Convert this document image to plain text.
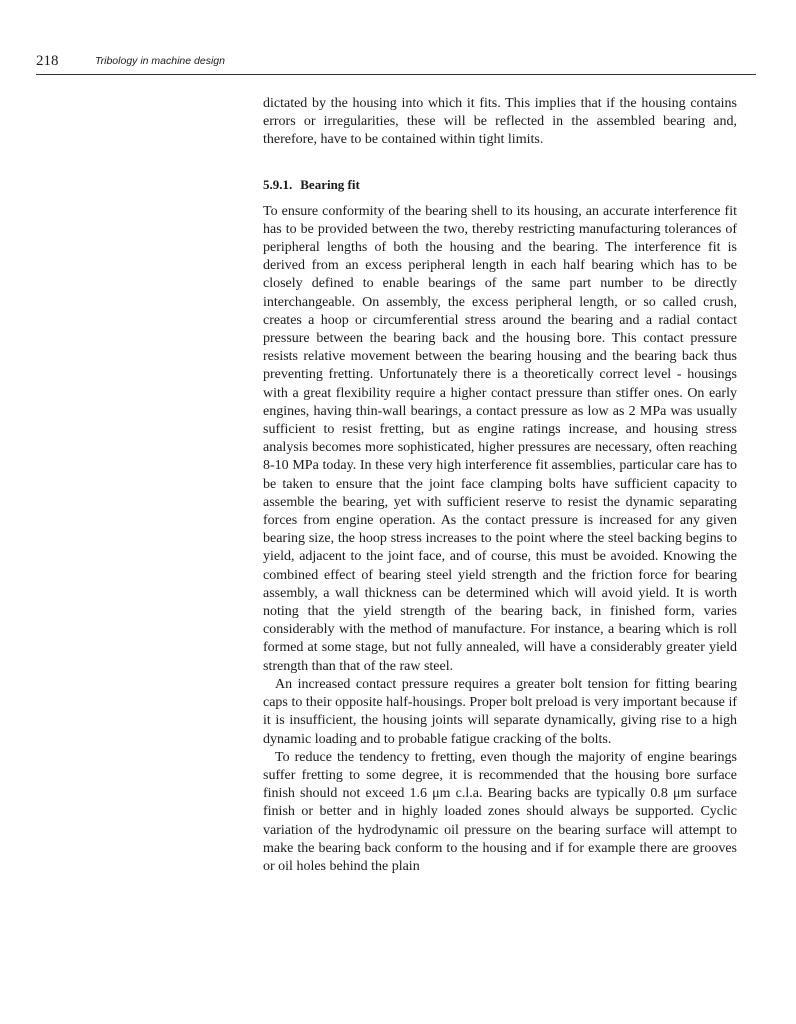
218	Tribology in machine design

dictated by the housing into which it fits. This implies that if the housing contains errors or irregularities, these will be reflected in the assembled bearing and, therefore, have to be contained within tight limits.

5.9.1. Bearing fit

To ensure conformity of the bearing shell to its housing, an accurate interference fit has to be provided between the two, thereby restricting manufacturing tolerances of peripheral lengths of both the housing and the bearing. The interference fit is derived from an excess peripheral length in each half bearing which has to be closely defined to enable bearings of the same part number to be directly interchangeable. On assembly, the excess peripheral length, or so called crush, creates a hoop or circumferential stress around the bearing and a radial contact pressure between the bearing back and the housing bore. This contact pressure resists relative movement between the bearing housing and the bearing back thus preventing fretting. Unfortunately there is a theoretically correct level - housings with a great flexibility require a higher contact pressure than stiffer ones. On early engines, having thin-wall bearings, a contact pressure as low as 2 MPa was usually sufficient to resist fretting, but as engine ratings increase, and housing stress analysis becomes more sophisticated, higher pressures are necessary, often reaching 8-10 MPa today. In these very high interference fit assemblies, particular care has to be taken to ensure that the joint face clamping bolts have sufficient capacity to assemble the bearing, yet with sufficient reserve to resist the dynamic separating forces from engine operation. As the contact pressure is increased for any given bearing size, the hoop stress increases to the point where the steel backing begins to yield, adjacent to the joint face, and of course, this must be avoided. Knowing the combined effect of bearing steel yield strength and the friction force for bearing assembly, a wall thickness can be determined which will avoid yield. It is worth noting that the yield strength of the bearing back, in finished form, varies considerably with the method of manufacture. For instance, a bearing which is roll formed at some stage, but not fully annealed, will have a considerably greater yield strength than that of the raw steel.

An increased contact pressure requires a greater bolt tension for fitting bearing caps to their opposite half-housings. Proper bolt preload is very important because if it is insufficient, the housing joints will separate dynamically, giving rise to a high dynamic loading and to probable fatigue cracking of the bolts.

To reduce the tendency to fretting, even though the majority of engine bearings suffer fretting to some degree, it is recommended that the housing bore surface finish should not exceed 1.6 μm c.l.a. Bearing backs are typically 0.8 μm surface finish or better and in highly loaded zones should always be supported. Cyclic variation of the hydrodynamic oil pressure on the bearing surface will attempt to make the bearing back conform to the housing and if for example there are grooves or oil holes behind the plain
